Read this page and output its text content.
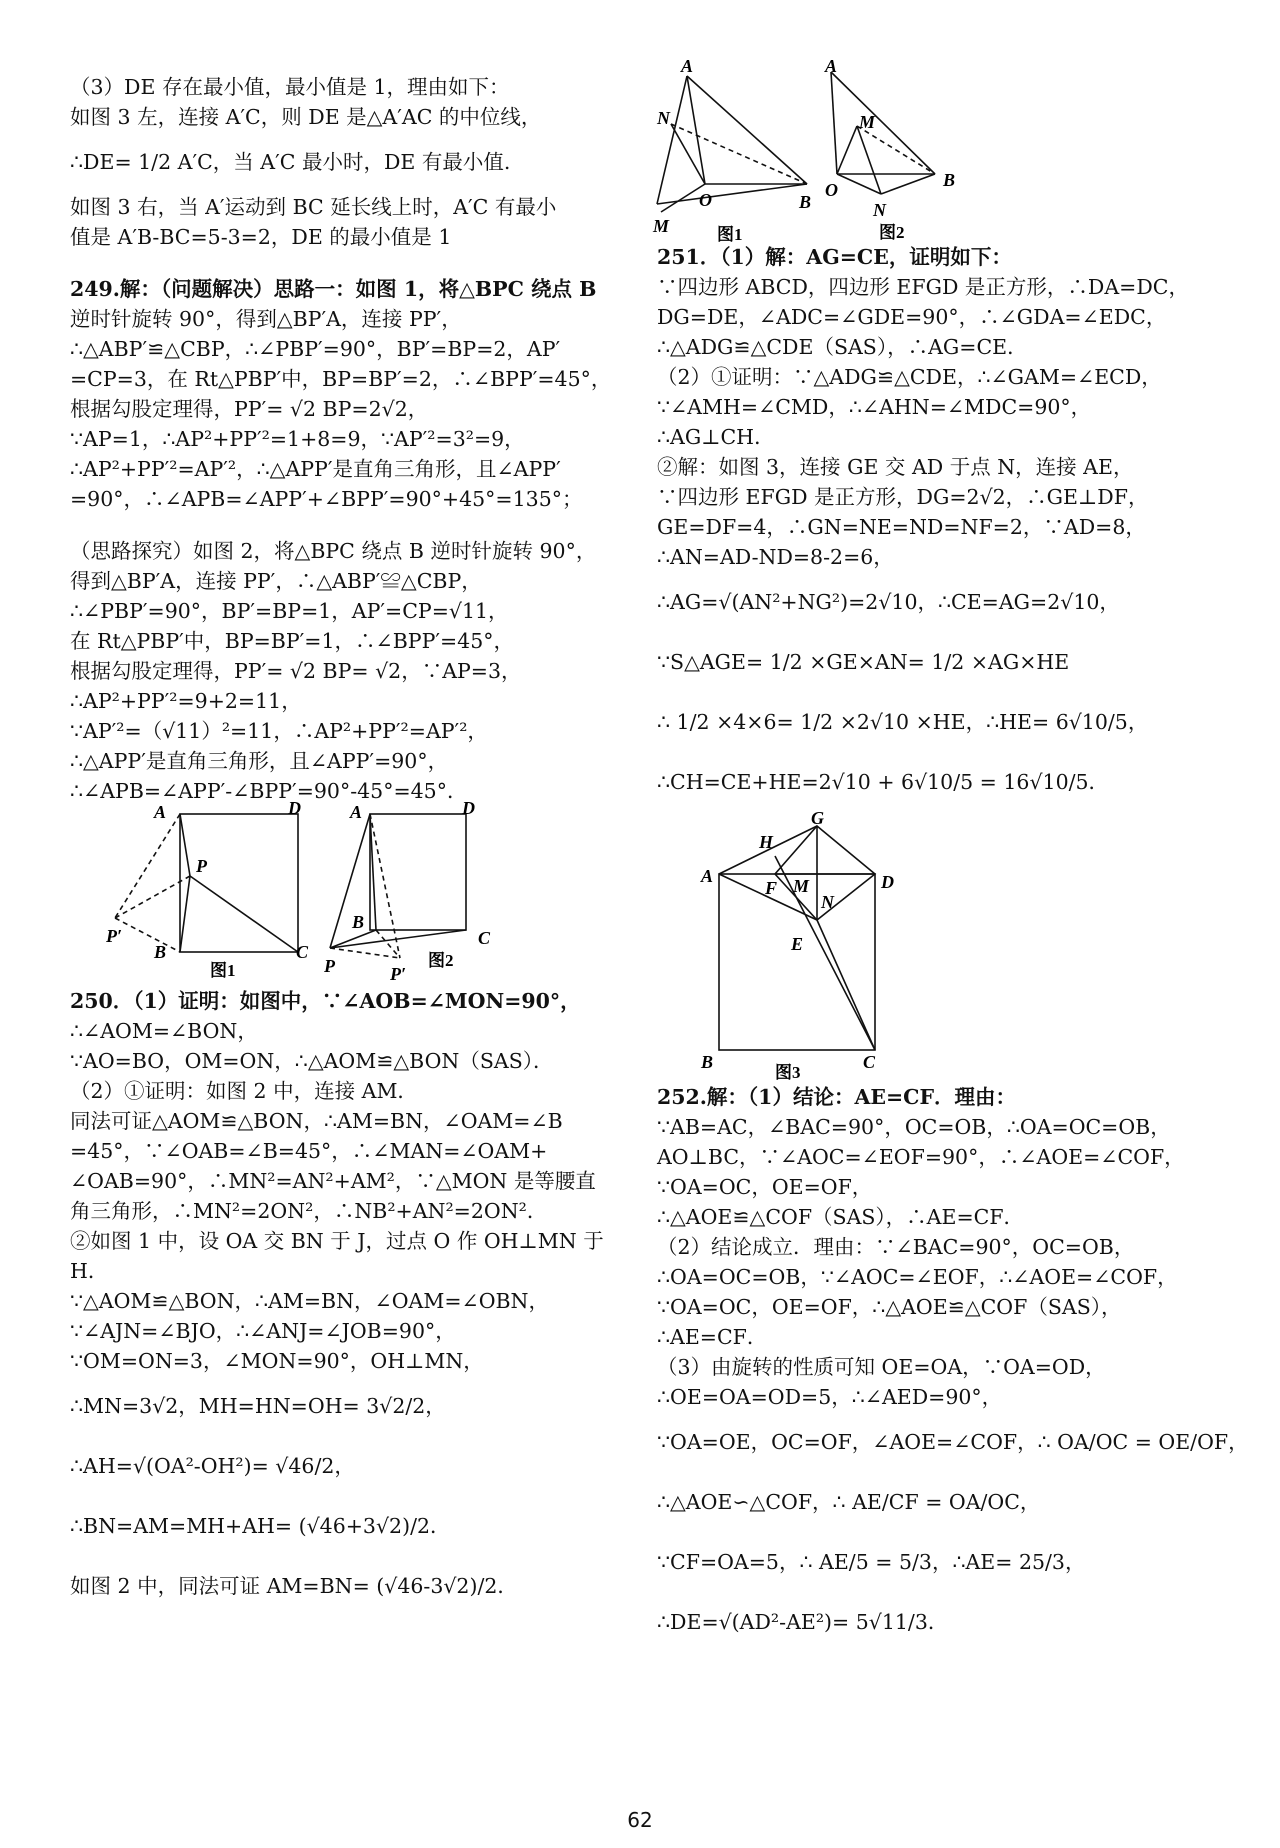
（3）DE 存在最小值，最小值是 1，理由如下：
如图 3 左，连接 A′C，则 DE 是△A′AC 的中位线，
∴DE= 1/2 A′C，当 A′C 最小时，DE 有最小值.
如图 3 右，当 A′运动到 BC 延长线上时，A′C 有最小
值是 A′B-BC=5-3=2，DE 的最小值是 1
249.解：（问题解决）思路一：如图 1，将△BPC 绕点 B
逆时针旋转 90°，得到△BP′A，连接 PP′，
∴△ABP′≌△CBP，∴∠PBP′=90°，BP′=BP=2，AP′
=CP=3，在 Rt△PBP′中，BP=BP′=2，∴∠BPP′=45°，
根据勾股定理得，PP′= √2 BP=2√2，
∵AP=1，∴AP²+PP′²=1+8=9，∵AP′²=3²=9，
∴AP²+PP′²=AP′²，∴△APP′是直角三角形，且∠APP′
=90°，∴∠APB=∠APP′+∠BPP′=90°+45°=135°；
（思路探究）如图 2，将△BPC 绕点 B 逆时针旋转 90°，
得到△BP′A，连接 PP′，∴△ABP′≌△CBP，
∴∠PBP′=90°，BP′=BP=1，AP′=CP=√11，
在 Rt△PBP′中，BP=BP′=1，∴∠BPP′=45°，
根据勾股定理得，PP′= √2 BP= √2，∵AP=3，
∴AP²+PP′²=9+2=11，
∵AP′²=（√11）²=11，∴AP²+PP′²=AP′²，
∴△APP′是直角三角形，且∠APP′=90°，
∴∠APB=∠APP′-∠BPP′=90°-45°=45°．
A	D
P
P′
B	C
图1
A	D
B
C
P	P′
图2
250．（1）证明：如图中，∵∠AOB=∠MON=90°，
∴∠AOM=∠BON，
∵AO=BO，OM=ON，∴△AOM≌△BON（SAS）．
（2）①证明：如图 2 中，连接 AM．
同法可证△AOM≌△BON，∴AM=BN，∠OAM=∠B
=45°，∵∠OAB=∠B=45°，∴∠MAN=∠OAM+
∠OAB=90°，∴MN²=AN²+AM²，∵△MON 是等腰直
角三角形，∴MN²=2ON²，∴NB²+AN²=2ON²．
②如图 1 中，设 OA 交 BN 于 J，过点 O 作 OH⊥MN 于
H．
∵△AOM≌△BON，∴AM=BN，∠OAM=∠OBN，
∵∠AJN=∠BJO，∴∠ANJ=∠JOB=90°，
∵OM=ON=3，∠MON=90°，OH⊥MN，
∴MN=3√2，MH=HN=OH= 3√2/2，
∴AH=√(OA²-OH²)= √46/2，
∴BN=AM=MH+AH= (√46+3√2)/2．
如图 2 中，同法可证 AM=BN= (√46-3√2)/2．
A
N
O	B
M	图1
A
M
O
N
B
图2
251．（1）解：AG=CE，证明如下：
∵四边形 ABCD，四边形 EFGD 是正方形，∴DA=DC，
DG=DE，∠ADC=∠GDE=90°，∴∠GDA=∠EDC，
∴△ADG≌△CDE（SAS），∴AG=CE．
（2）①证明：∵△ADG≌△CDE，∴∠GAM=∠ECD，
∵∠AMH=∠CMD，∴∠AHN=∠MDC=90°，
∴AG⊥CH．
②解：如图 3，连接 GE 交 AD 于点 N，连接 AE，
∵四边形 EFGD 是正方形，DG=2√2，∴GE⊥DF，
GE=DF=4，∴GN=NE=ND=NF=2，∵AD=8，
∴AN=AD-ND=8-2=6，
∴AG=√(AN²+NG²)=2√10，∴CE=AG=2√10，
∵S△AGE= 1/2 ×GE×AN= 1/2 ×AG×HE
∴ 1/2 ×4×6= 1/2 ×2√10 ×HE，∴HE= 6√10/5，
∴CH=CE+HE=2√10 + 6√10/5 = 16√10/5．
G
H
A
F M
N
D
E
B	C
图3
252.解：（1）结论：AE=CF．理由：
∵AB=AC，∠BAC=90°，OC=OB，∴OA=OC=OB，
AO⊥BC，∵∠AOC=∠EOF=90°，∴∠AOE=∠COF，
∵OA=OC，OE=OF，
∴△AOE≌△COF（SAS），∴AE=CF．
（2）结论成立．理由：∵∠BAC=90°，OC=OB，
∴OA=OC=OB，∵∠AOC=∠EOF，∴∠AOE=∠COF，
∵OA=OC，OE=OF，∴△AOE≌△COF（SAS），
∴AE=CF．
（3）由旋转的性质可知 OE=OA，∵OA=OD，
∴OE=OA=OD=5，∴∠AED=90°，
∵OA=OE，OC=OF，∠AOE=∠COF，∴ OA/OC = OE/OF，
∴△AOE∽△COF，∴ AE/CF = OA/OC，
∵CF=OA=5，∴ AE/5 = 5/3，∴AE= 25/3，
∴DE=√(AD²-AE²)= 5√11/3．
62
